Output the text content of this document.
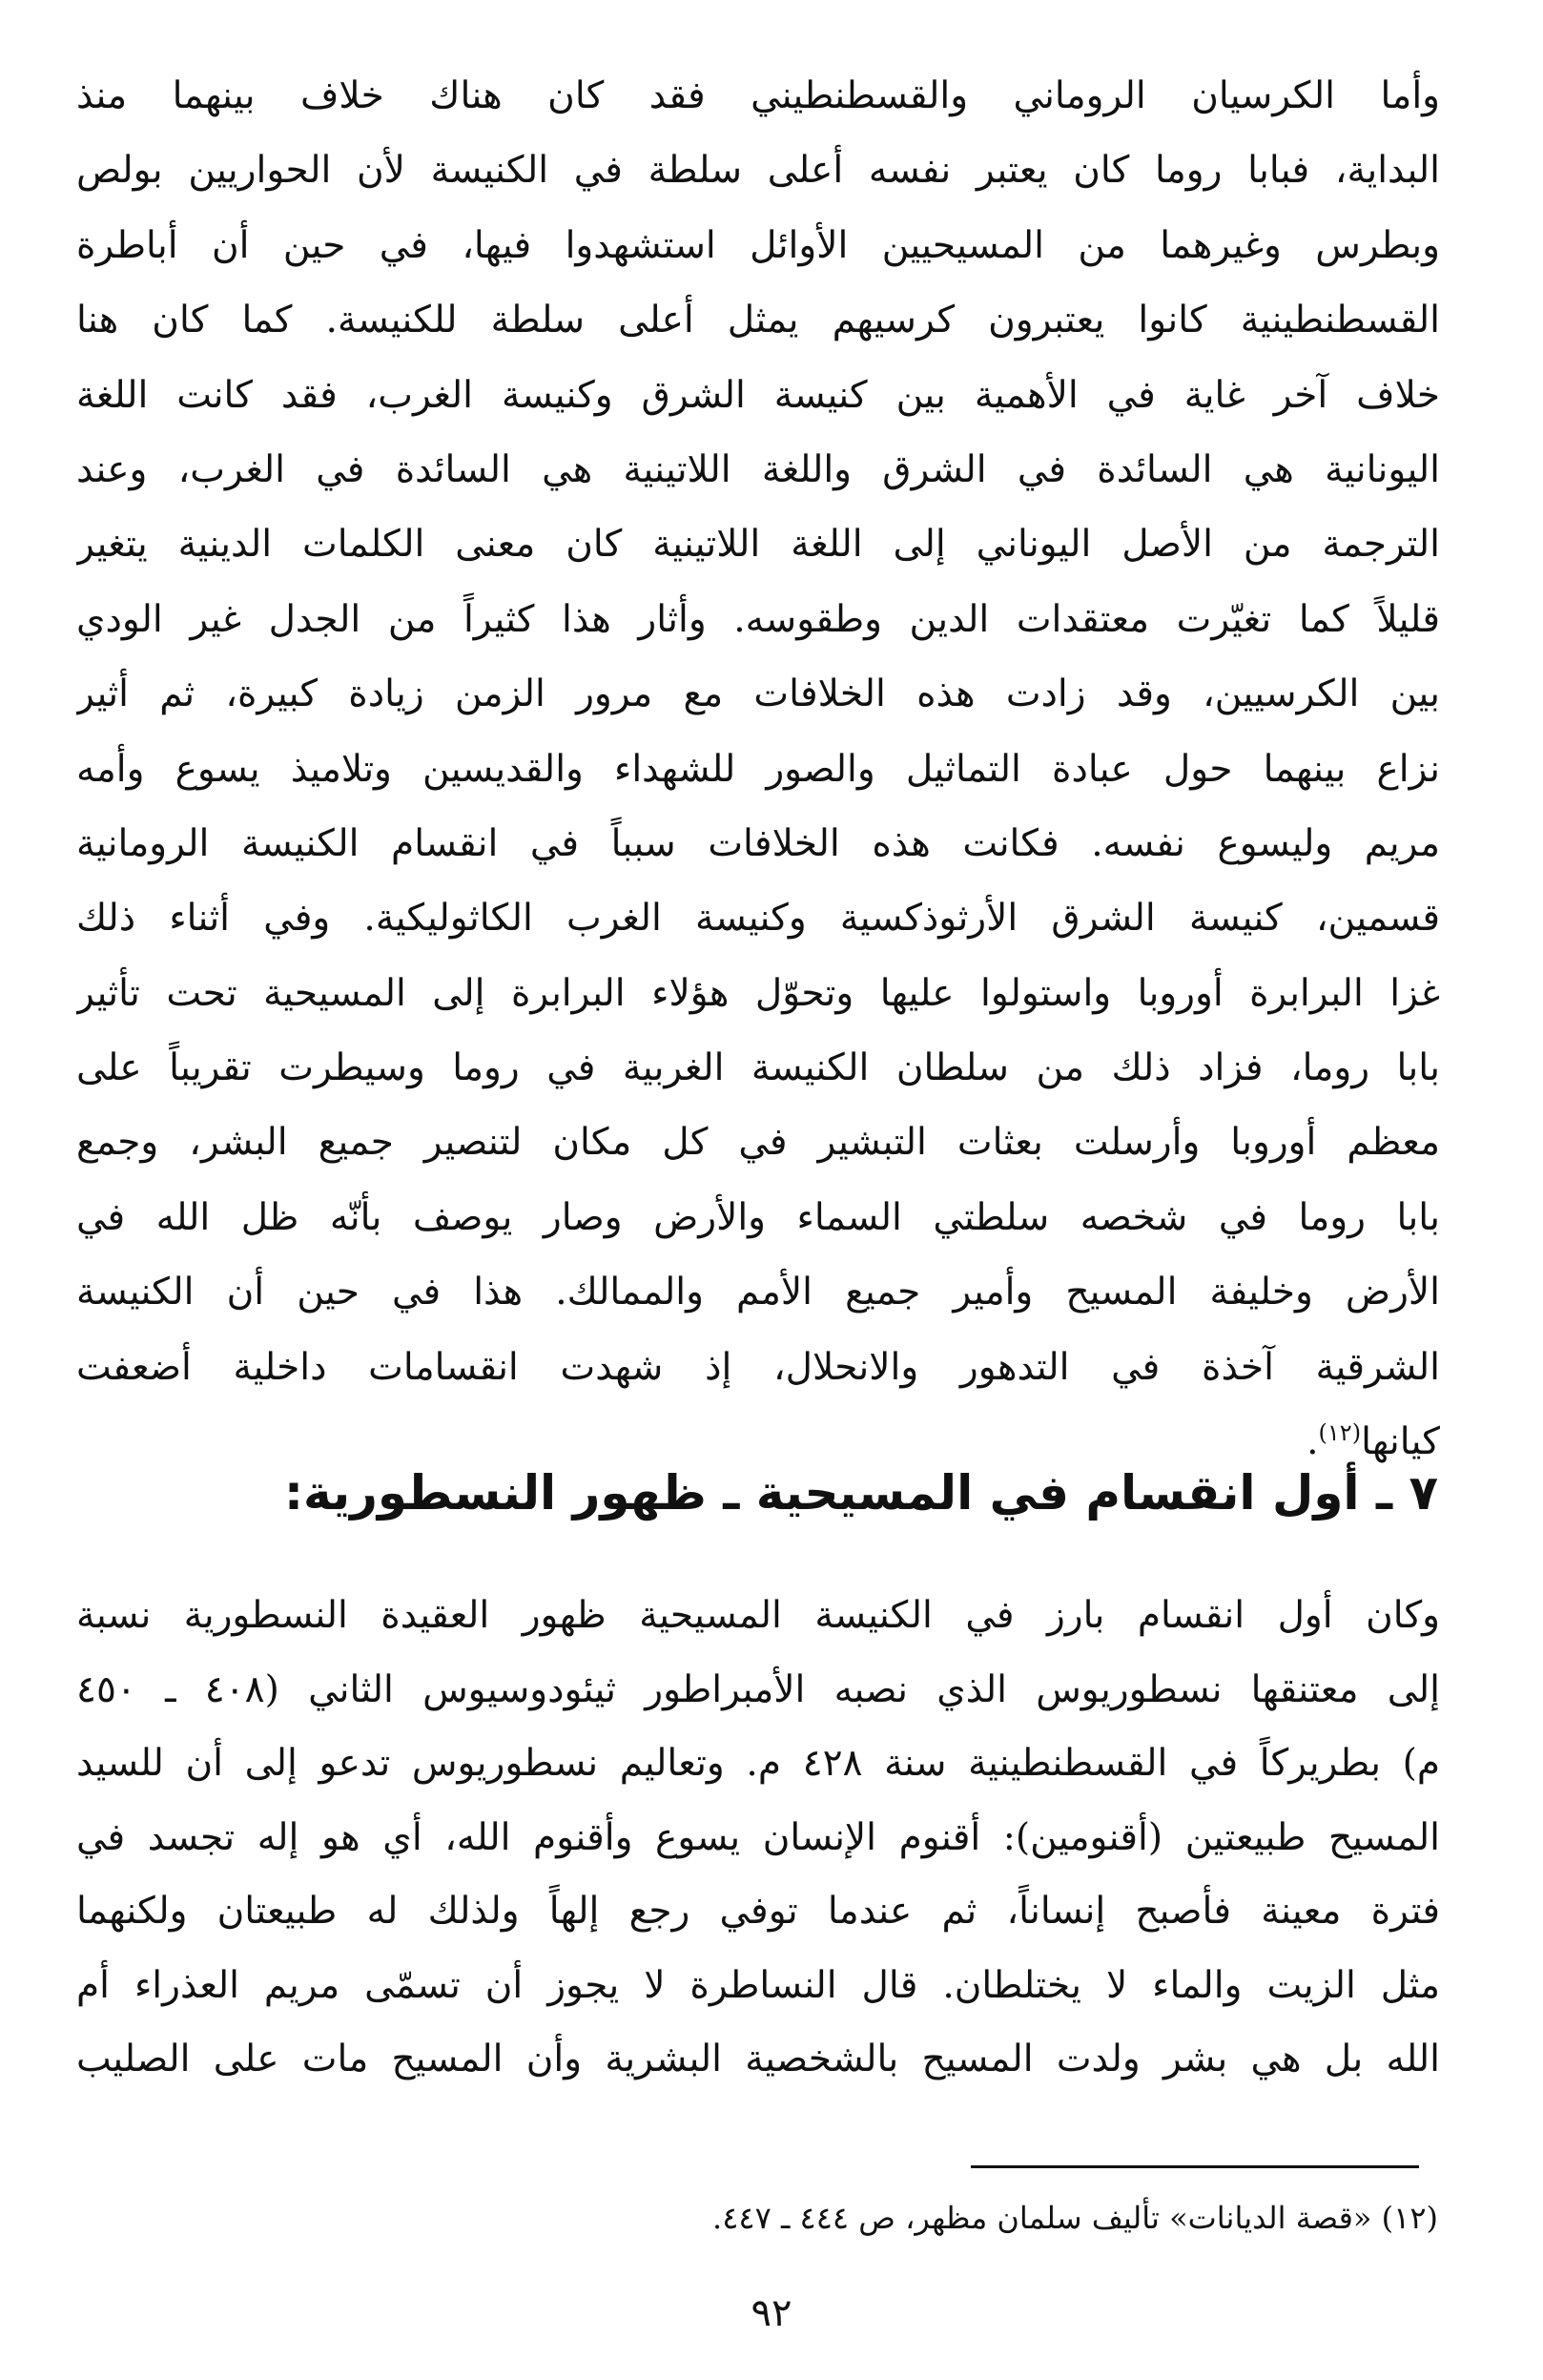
وأما الكرسيان الروماني والقسطنطيني فقد كان هناك خلاف بينهما منذ
البداية، فبابا روما كان يعتبر نفسه أعلى سلطة في الكنيسة لأن الحواريين بولص
وبطرس وغيرهما من المسيحيين الأوائل استشهدوا فيها، في حين أن أباطرة
القسطنطينية كانوا يعتبرون كرسيهم يمثل أعلى سلطة للكنيسة. كما كان هنا
خلاف آخر غاية في الأهمية بين كنيسة الشرق وكنيسة الغرب، فقد كانت اللغة
اليونانية هي السائدة في الشرق واللغة اللاتينية هي السائدة في الغرب، وعند
الترجمة من الأصل اليوناني إلى اللغة اللاتينية كان معنى الكلمات الدينية يتغير
قليلاً كما تغيّرت معتقدات الدين وطقوسه. وأثار هذا كثيراً من الجدل غير الودي
بين الكرسيين، وقد زادت هذه الخلافات مع مرور الزمن زيادة كبيرة، ثم أثير
نزاع بينهما حول عبادة التماثيل والصور للشهداء والقديسين وتلاميذ يسوع وأمه
مريم وليسوع نفسه. فكانت هذه الخلافات سبباً في انقسام الكنيسة الرومانية
قسمين، كنيسة الشرق الأرثوذكسية وكنيسة الغرب الكاثوليكية. وفي أثناء ذلك
غزا البرابرة أوروبا واستولوا عليها وتحوّل هؤلاء البرابرة إلى المسيحية تحت تأثير
بابا روما، فزاد ذلك من سلطان الكنيسة الغربية في روما وسيطرت تقريباً على
معظم أوروبا وأرسلت بعثات التبشير في كل مكان لتنصير جميع البشر، وجمع
بابا روما في شخصه سلطتي السماء والأرض وصار يوصف بأنّه ظل الله في
الأرض وخليفة المسيح وأمير جميع الأمم والممالك. هذا في حين أن الكنيسة
الشرقية آخذة في التدهور والانحلال، إذ شهدت انقسامات داخلية أضعفت
كيانها$^{(١٢)}$.
٧ ـ أول انقسام في المسيحية ـ ظهور النسطورية:
وكان أول انقسام بارز في الكنيسة المسيحية ظهور العقيدة النسطورية نسبة
إلى معتنقها نسطوريوس الذي نصبه الأمبراطور ثيئودوسيوس الثاني (٤٠٨ ـ ٤٥٠
م) بطريركاً في القسطنطينية سنة ٤٢٨ م. وتعاليم نسطوريوس تدعو إلى أن للسيد
المسيح طبيعتين (أقنومين): أقنوم الإنسان يسوع وأقنوم الله، أي هو إله تجسد في
فترة معينة فأصبح إنساناً، ثم عندما توفي رجع إلهاً ولذلك له طبيعتان ولكنهما
مثل الزيت والماء لا يختلطان. قال النساطرة لا يجوز أن تسمّى مريم العذراء أم
الله بل هي بشر ولدت المسيح بالشخصية البشرية وأن المسيح مات على الصليب

(١٢) «قصة الديانات» تأليف سلمان مظهر، ص ٤٤٤ ـ ٤٤٧.

٩٢
